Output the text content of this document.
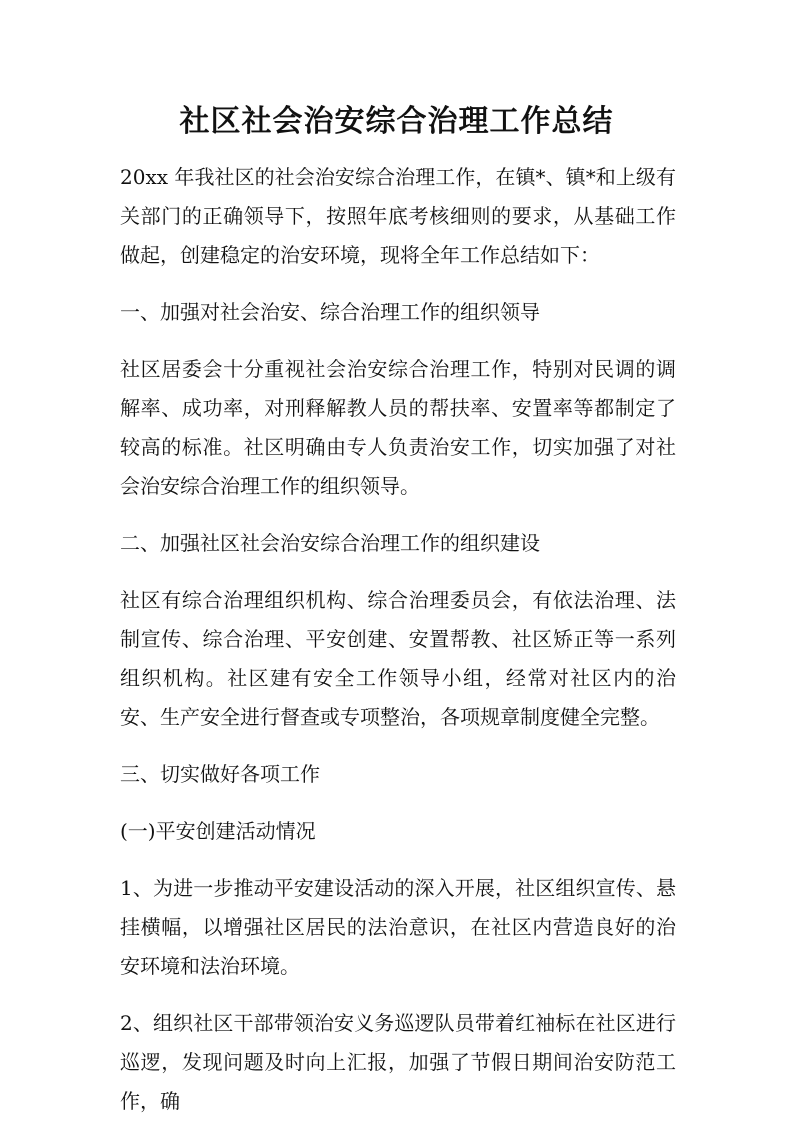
社区社会治安综合治理工作总结

20xx 年我社区的社会治安综合治理工作，在镇*、镇*和上级有关部门的正确领导下，按照年底考核细则的要求，从基础工作做起，创建稳定的治安环境，现将全年工作总结如下：

一、加强对社会治安、综合治理工作的组织领导

社区居委会十分重视社会治安综合治理工作，特别对民调的调解率、成功率，对刑释解教人员的帮扶率、安置率等都制定了较高的标准。社区明确由专人负责治安工作，切实加强了对社会治安综合治理工作的组织领导。

二、加强社区社会治安综合治理工作的组织建设

社区有综合治理组织机构、综合治理委员会，有依法治理、法制宣传、综合治理、平安创建、安置帮教、社区矫正等一系列组织机构。社区建有安全工作领导小组，经常对社区内的治安、生产安全进行督查或专项整治，各项规章制度健全完整。

三、切实做好各项工作

(一)平安创建活动情况

1、为进一步推动平安建设活动的深入开展，社区组织宣传、悬挂横幅，以增强社区居民的法治意识，在社区内营造良好的治安环境和法治环境。

2、组织社区干部带领治安义务巡逻队员带着红袖标在社区进行巡逻，发现问题及时向上汇报，加强了节假日期间治安防范工作，确
